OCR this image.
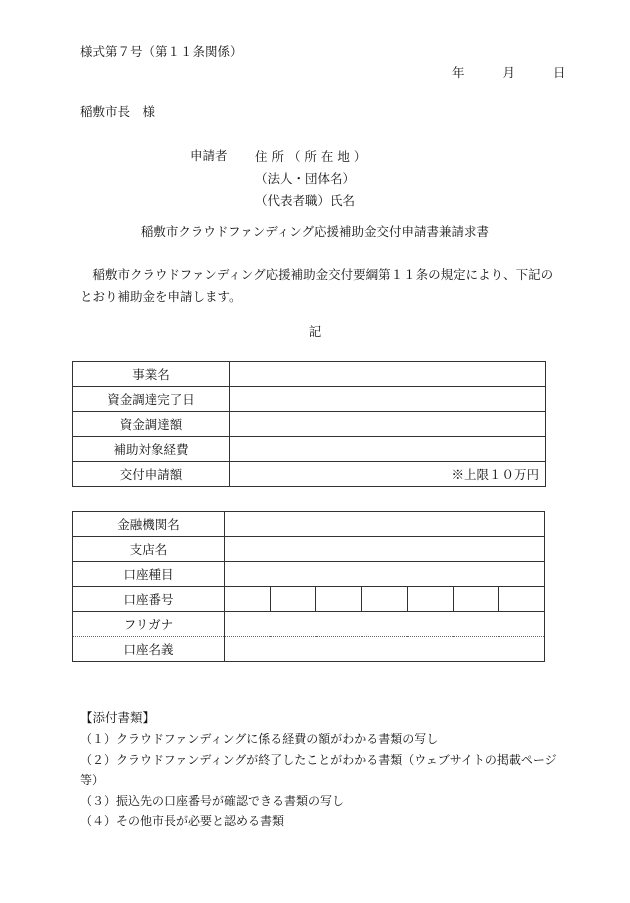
様式第７号（第１１条関係）
年	月	日
稲敷市長　様
申請者 住 所 （ 所 在 地 ）
（法人・団体名）
（代表者職）氏名
稲敷市クラウドファンディング応援補助金交付申請書兼請求書
　稲敷市クラウドファンディング応援補助金交付要綱第１１条の規定により、下記のとおり補助金を申請します。
記
事業名	
資金調達完了日	
資金調達額	
補助対象経費	
交付申請額	※上限１０万円
金融機関名							
支店名							
口座種目							
口座番号							
フリガナ							
口座名義							
【添付書類】
（１）クラウドファンディングに係る経費の額がわかる書類の写し
（２）クラウドファンディングが終了したことがわかる書類（ウェブサイトの掲載ページ等）
（３）振込先の口座番号が確認できる書類の写し
（４）その他市長が必要と認める書類
